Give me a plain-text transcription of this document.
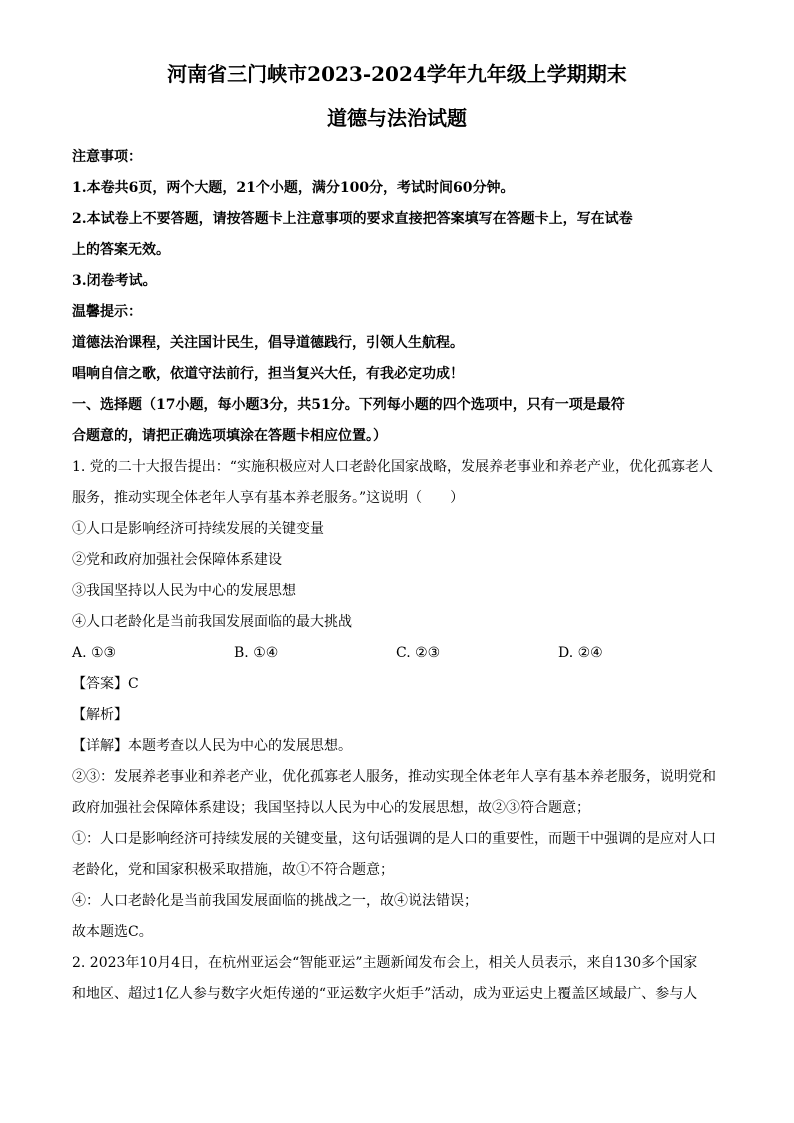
河南省三门峡市2023-2024学年九年级上学期期末

道德与法治试题

注意事项：

1.本卷共6页，两个大题，21个小题，满分100分，考试时间60分钟。

2.本试卷上不要答题，请按答题卡上注意事项的要求直接把答案填写在答题卡上，写在试卷

上的答案无效。

3.闭卷考试。

温馨提示：

道德法治课程，关注国计民生，倡导道德践行，引领人生航程。

唱响自信之歌，依道守法前行，担当复兴大任，有我必定功成！

一、选择题（17小题，每小题3分，共51分。下列每小题的四个选项中，只有一项是最符

合题意的，请把正确选项填涂在答题卡相应位置。）

1. 党的二十大报告提出：“实施积极应对人口老龄化国家战略，发展养老事业和养老产业，优化孤寡老人

服务，推动实现全体老年人享有基本养老服务。”这说明（　　）

①人口是影响经济可持续发展的关键变量

②党和政府加强社会保障体系建设

③我国坚持以人民为中心的发展思想

④人口老龄化是当前我国发展面临的最大挑战

A. ①③	B. ①④	C. ②③	D. ②④

【答案】C

【解析】

【详解】本题考查以人民为中心的发展思想。

②③：发展养老事业和养老产业，优化孤寡老人服务，推动实现全体老年人享有基本养老服务，说明党和

政府加强社会保障体系建设；我国坚持以人民为中心的发展思想，故②③符合题意；

①：人口是影响经济可持续发展的关键变量，这句话强调的是人口的重要性，而题干中强调的是应对人口

老龄化，党和国家积极采取措施，故①不符合题意；

④：人口老龄化是当前我国发展面临的挑战之一，故④说法错误；

故本题选C。

2. 2023年10月4日，在杭州亚运会“智能亚运”主题新闻发布会上，相关人员表示，来自130多个国家

和地区、超过1亿人参与数字火炬传递的“亚运数字火炬手”活动，成为亚运史上覆盖区域最广、参与人
